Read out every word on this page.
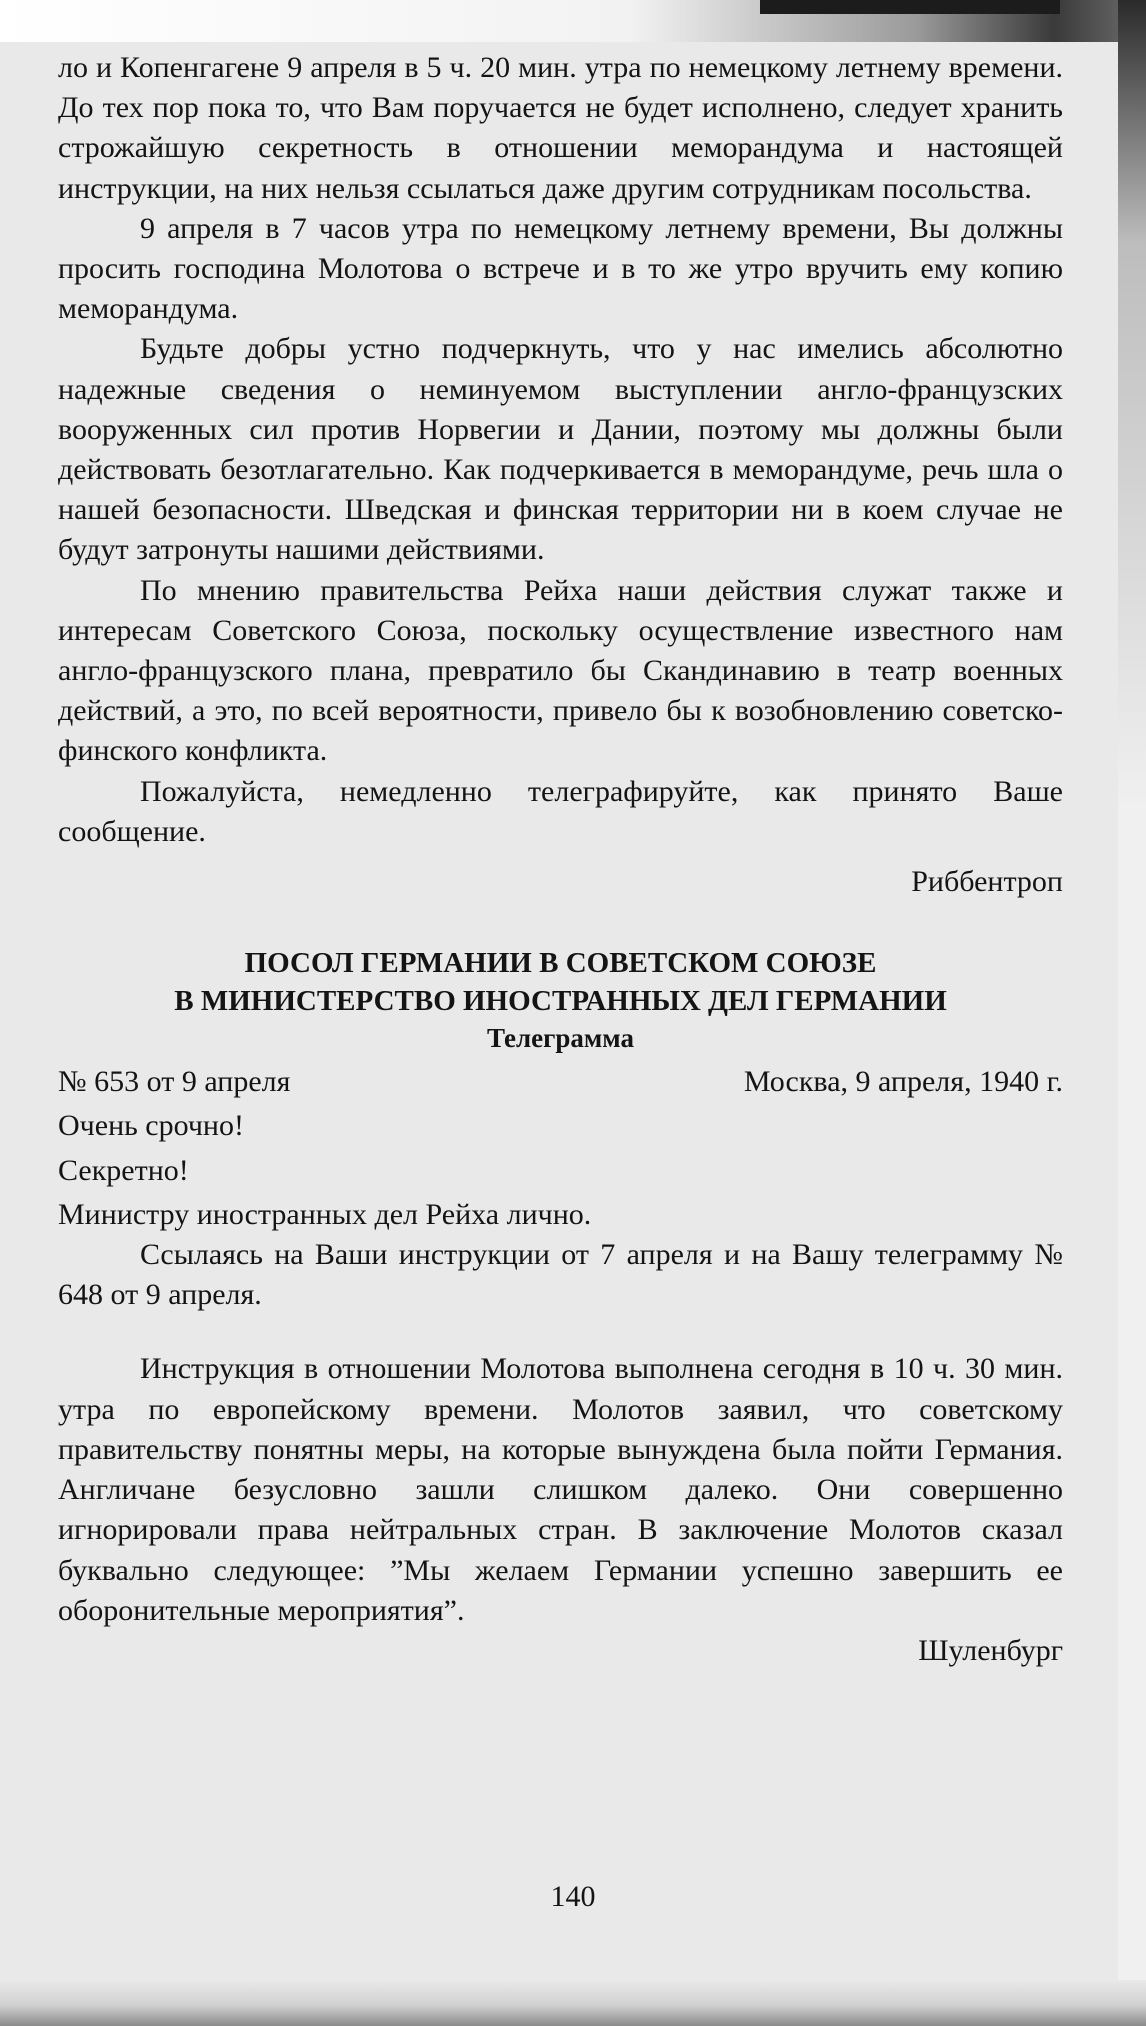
ло и Копенгагене 9 апреля в 5 ч. 20 мин. утра по немецкому летнему времени. До тех пор пока то, что Вам поручается не будет исполнено, следует хранить строжайшую секретность в отношении меморандума и настоящей инструкции, на них нельзя ссылаться даже другим сотрудникам посольства.

9 апреля в 7 часов утра по немецкому летнему времени, Вы должны просить господина Молотова о встрече и в то же утро вручить ему копию меморандума.

Будьте добры устно подчеркнуть, что у нас имелись абсолютно надежные сведения о неминуемом выступлении англо-французских вооруженных сил против Норвегии и Дании, поэтому мы должны были действовать безотлагательно. Как подчеркивается в меморандуме, речь шла о нашей безопасности. Шведская и финская территории ни в коем случае не будут затронуты нашими действиями.

По мнению правительства Рейха наши действия служат также и интересам Советского Союза, поскольку осуществление известного нам англо-французского плана, превратило бы Скандинавию в театр военных действий, а это, по всей вероятности, привело бы к возобновлению советско-финского конфликта.

Пожалуйста, немедленно телеграфируйте, как принято Ваше сообщение.

Риббентроп

ПОСОЛ ГЕРМАНИИ В СОВЕТСКОМ СОЮЗЕ
В МИНИСТЕРСТВО ИНОСТРАННЫХ ДЕЛ ГЕРМАНИИ
Телеграмма
№ 653 от 9 апреля	Москва, 9 апреля, 1940 г.

Очень срочно!

Секретно!

Министру иностранных дел Рейха лично.

Ссылаясь на Ваши инструкции от 7 апреля и на Вашу телеграмму № 648 от 9 апреля.

Инструкция в отношении Молотова выполнена сегодня в 10 ч. 30 мин. утра по европейскому времени. Молотов заявил, что советскому правительству понятны меры, на которые вынуждена была пойти Германия. Англичане безусловно зашли слишком далеко. Они совершенно игнорировали права нейтральных стран. В заключение Молотов сказал буквально следующее: ”Мы желаем Германии успешно завершить ее оборонительные мероприятия”.

Шуленбург

140
